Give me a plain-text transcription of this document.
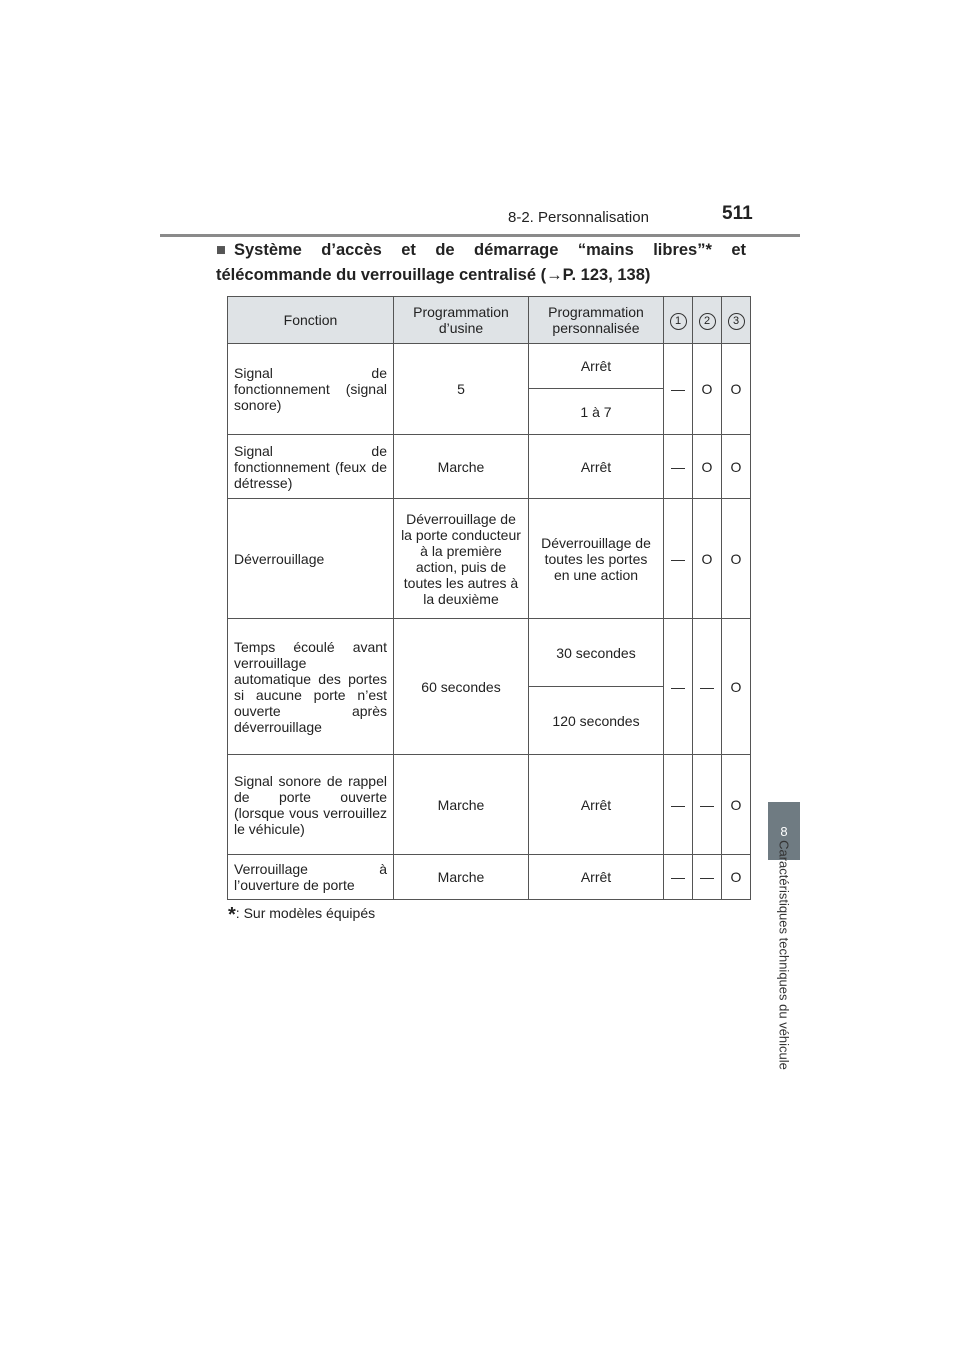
8-2. Personnalisation	511
■ Système d’accès et de démarrage “mains libres”* et
télécommande du verrouillage centralisé (→P. 123, 138)
Fonction	Programmation d’usine	Programmation personnalisée	1	2	3
Signal de fonctionnement (signal sonore)	5	Arrêt	—	O	O
		1 à 7			
Signal de fonctionnement (feux de détresse)	Marche	Arrêt	—	O	O
Déverrouillage	Déverrouillage de la porte conducteur à la première action, puis de toutes les autres à la deuxième	Déverrouillage de toutes les portes en une action	—	O	O
Temps écoulé avant verrouillage automatique des portes si aucune porte n’est ouverte après déverrouillage	60 secondes	30 secondes	—	—	O
		120 secondes			
Signal sonore de rappel de porte ouverte (lorsque vous verrouillez le véhicule)	Marche	Arrêt	—	—	O
Verrouillage à l’ouverture de porte	Marche	Arrêt	—	—	O
*: Sur modèles équipés
8
Caractéristiques techniques du véhicule
